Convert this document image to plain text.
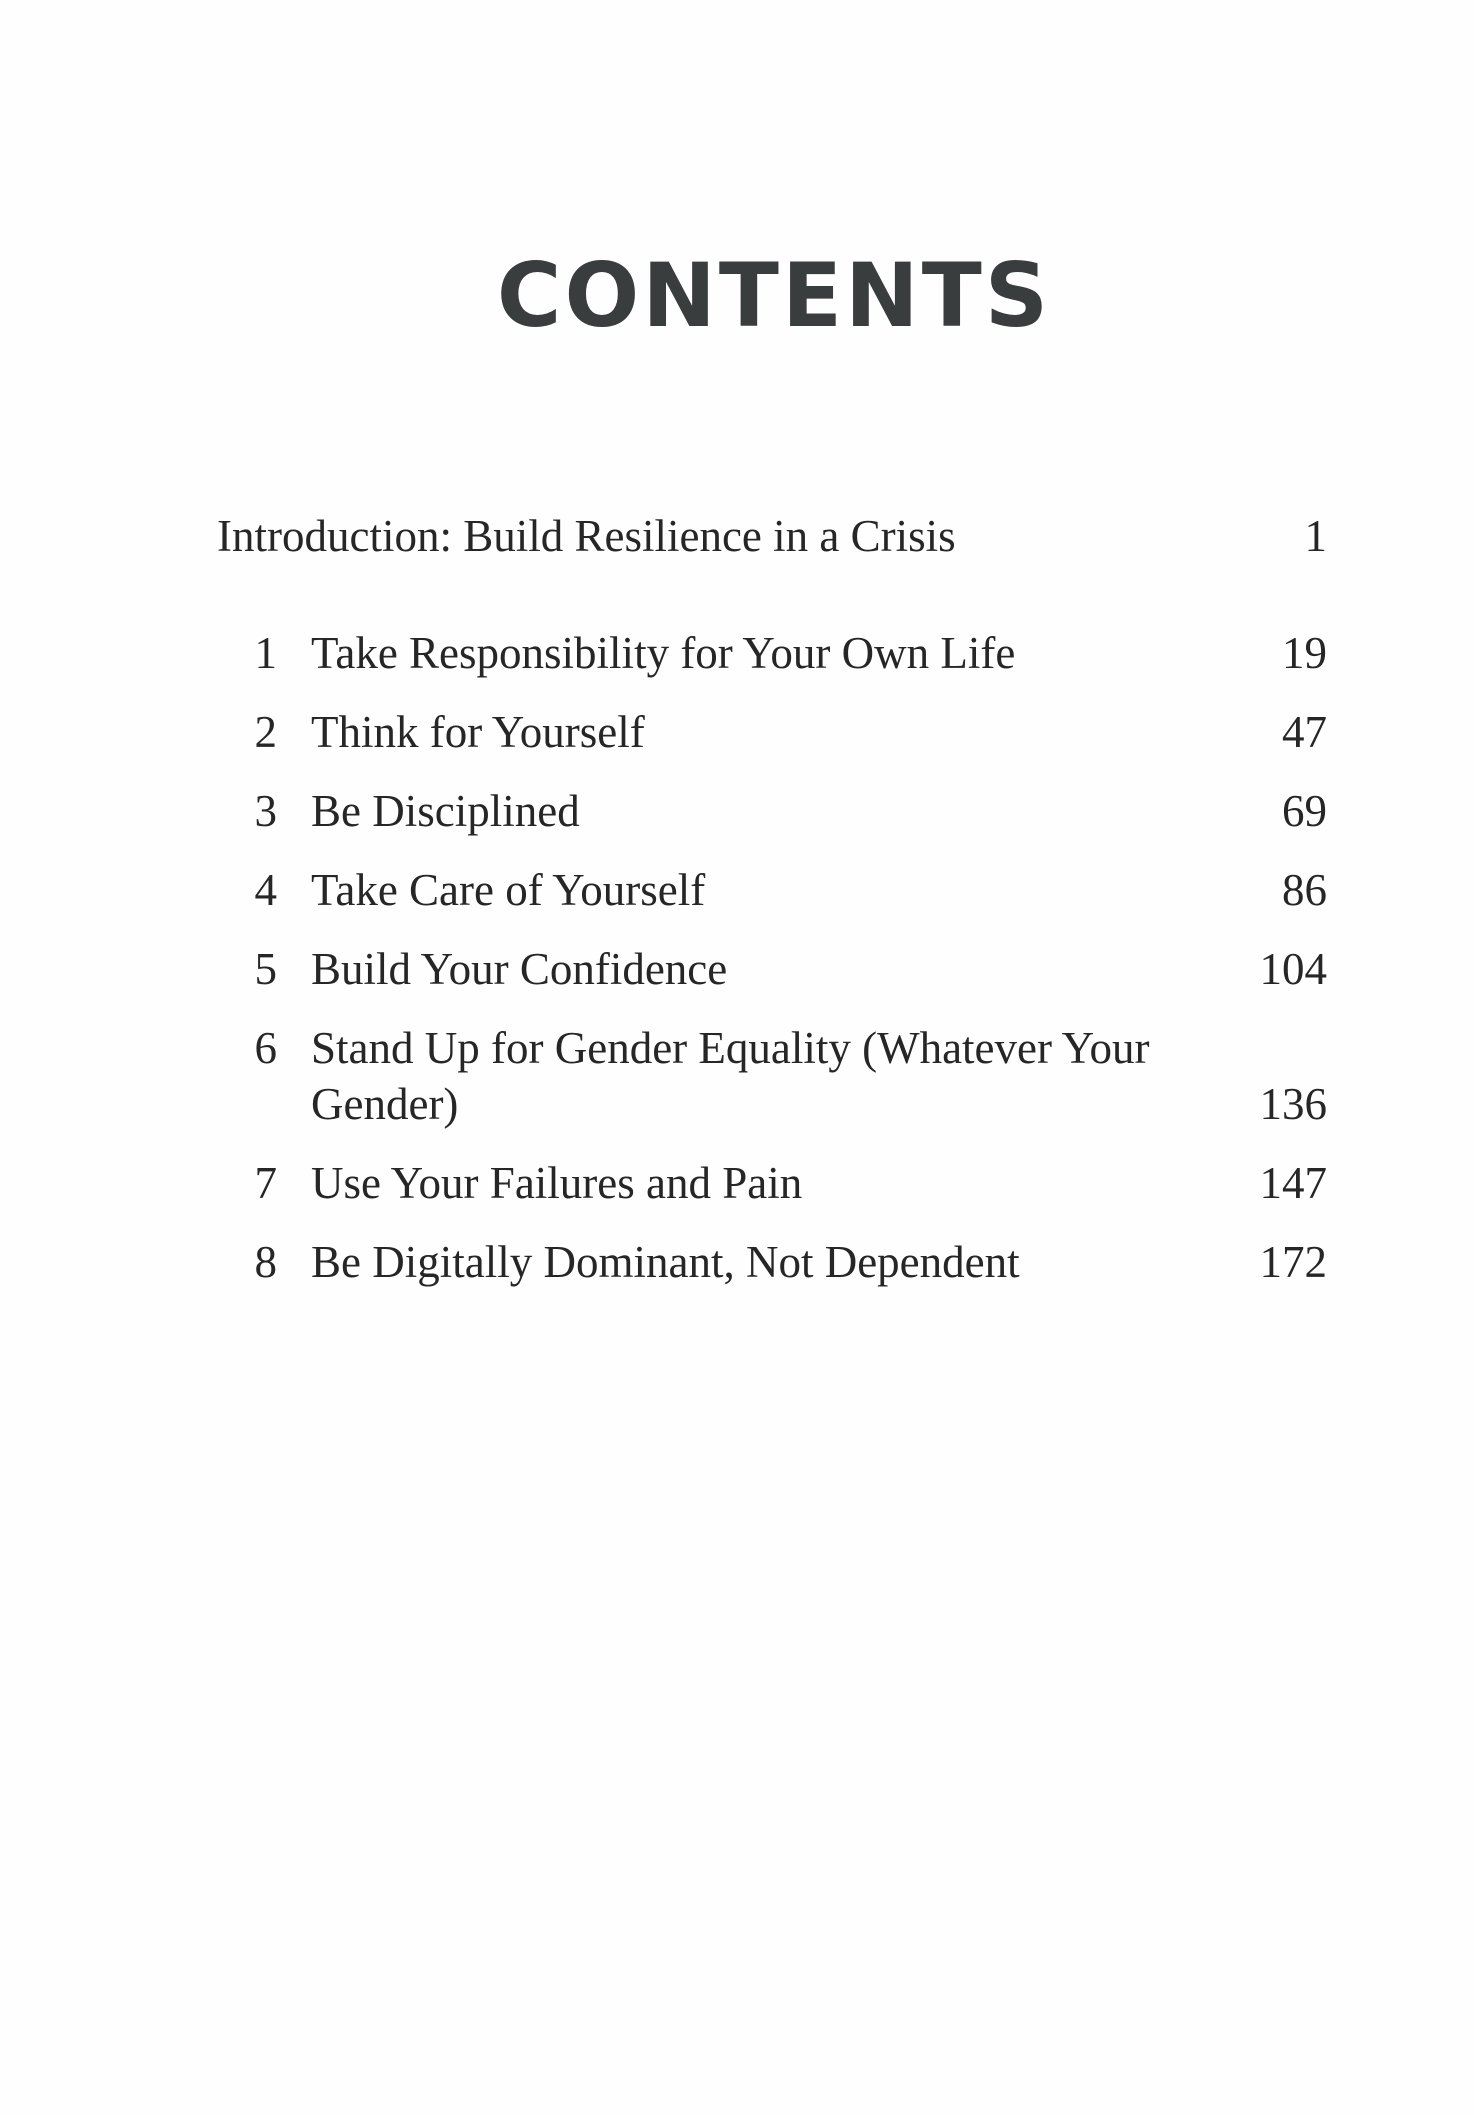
CONTENTS
Introduction: Build Resilience in a Crisis	1
1 Take Responsibility for Your Own Life	19
2 Think for Yourself	47
3 Be Disciplined	69
4 Take Care of Yourself	86
5 Build Your Confidence	104
6 Stand Up for Gender Equality (Whatever Your Gender)	136
7 Use Your Failures and Pain	147
8 Be Digitally Dominant, Not Dependent	172
